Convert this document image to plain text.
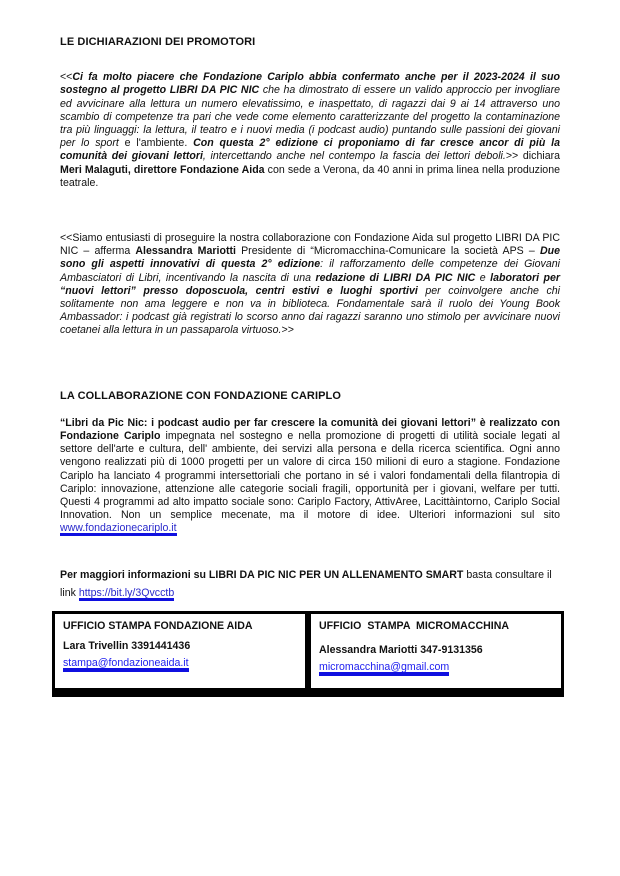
LE DICHIARAZIONI DEI PROMOTORI

<<Ci fa molto piacere che Fondazione Cariplo abbia confermato anche per il 2023-2024 il suo sostegno al progetto LIBRI DA PIC NIC che ha dimostrato di essere un valido approccio per invogliare ed avvicinare alla lettura un numero elevatissimo, e inaspettato, di ragazzi dai 9 ai 14 attraverso uno scambio di competenze tra pari che vede come elemento caratterizzante del progetto la contaminazione tra più linguaggi: la lettura, il teatro e i nuovi media (i podcast audio) puntando sulle passioni dei giovani per lo sport e l'ambiente. Con questa 2° edizione ci proponiamo di far cresce ancor di più la comunità dei giovani lettori, intercettando anche nel contempo la fascia dei lettori deboli.>> dichiara Meri Malaguti, direttore Fondazione Aida con sede a Verona, da 40 anni in prima linea nella produzione teatrale.

<<Siamo entusiasti di proseguire la nostra collaborazione con Fondazione Aida sul progetto LIBRI DA PIC NIC – afferma Alessandra Mariotti Presidente di “Micromacchina-Comunicare la società APS – Due sono gli aspetti innovativi di questa 2° edizione: il rafforzamento delle competenze dei Giovani Ambasciatori di Libri, incentivando la nascita di una redazione di LIBRI DA PIC NIC e laboratori per “nuovi lettori” presso doposcuola, centri estivi e luoghi sportivi per coinvolgere anche chi solitamente non ama leggere e non va in biblioteca. Fondamentale sarà il ruolo dei Young Book Ambassador: i podcast già registrati lo scorso anno dai ragazzi saranno uno stimolo per avvicinare nuovi coetanei alla lettura in un passaparola virtuoso.>>

LA COLLABORAZIONE CON FONDAZIONE CARIPLO

“Libri da Pic Nic: i podcast audio per far crescere la comunità dei giovani lettori” è realizzato con Fondazione Cariplo impegnata nel sostegno e nella promozione di progetti di utilità sociale legati al settore dell'arte e cultura, dell' ambiente, dei servizi alla persona e della ricerca scientifica. Ogni anno vengono realizzati più di 1000 progetti per un valore di circa 150 milioni di euro a stagione. Fondazione Cariplo ha lanciato 4 programmi intersettoriali che portano in sé i valori fondamentali della filantropia di Cariplo: innovazione, attenzione alle categorie sociali fragili, opportunità per i giovani, welfare per tutti. Questi 4 programmi ad alto impatto sociale sono: Cariplo Factory, AttivAree, Lacittàintorno, Cariplo Social Innovation. Non un semplice mecenate, ma il motore di idee. Ulteriori informazioni sul sito www.fondazionecariplo.it

Per maggiori informazioni su LIBRI DA PIC NIC PER UN ALLENAMENTO SMART basta consultare il link https://bit.ly/3Qvcctb

UFFICIO STAMPA FONDAZIONE AIDA
Lara Trivellin 3391441436
stampa@fondazioneaida.it
UFFICIO STAMPA MICROMACCHINA
Alessandra Mariotti 347-9131356
micromacchina@gmail.com
